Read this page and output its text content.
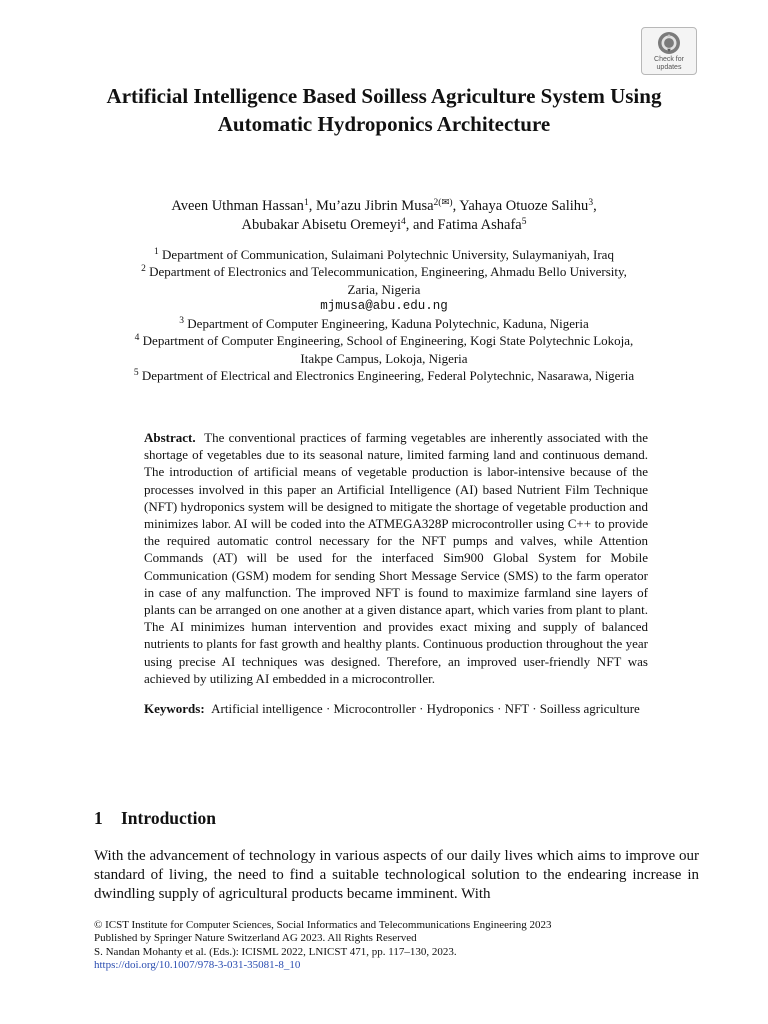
Check for
updates
Artificial Intelligence Based Soilless Agriculture System Using Automatic Hydroponics Architecture
Aveen Uthman Hassan$^1$, Mu’azu Jibrin Musa$^{2(✉)}$, Yahaya Otuoze Salihu$^3$,
Abubakar Abisetu Oremeyi$^4$, and Fatima Ashafa$^5$
$^1$ Department of Communication, Sulaimani Polytechnic University, Sulaymaniyah, Iraq
$^2$ Department of Electronics and Telecommunication, Engineering, Ahmadu Bello University,
Zaria, Nigeria
mjmusa@abu.edu.ng
$^3$ Department of Computer Engineering, Kaduna Polytechnic, Kaduna, Nigeria
$^4$ Department of Computer Engineering, School of Engineering, Kogi State Polytechnic Lokoja,
Itakpe Campus, Lokoja, Nigeria
$^5$ Department of Electrical and Electronics Engineering, Federal Polytechnic, Nasarawa, Nigeria

Abstract. The conventional practices of farming vegetables are inherently associated with the shortage of vegetables due to its seasonal nature, limited farming land and continuous demand. The introduction of artificial means of vegetable production is labor-intensive because of the processes involved in this paper an Artificial Intelligence (AI) based Nutrient Film Technique (NFT) hydroponics system will be designed to mitigate the shortage of vegetable production and minimizes labor. AI will be coded into the ATMEGA328P microcontroller using C++ to provide the required automatic control necessary for the NFT pumps and valves, while Attention Commands (AT) will be used for the interfaced Sim900 Global System for Mobile Communication (GSM) modem for sending Short Message Service (SMS) to the farm operator in case of any malfunction. The improved NFT is found to maximize farmland sine layers of plants can be arranged on one another at a given distance apart, which varies from plant to plant. The AI minimizes human intervention and provides exact mixing and supply of balanced nutrients to plants for fast growth and healthy plants. Continuous production throughout the year using precise AI techniques was designed. Therefore, an improved user-friendly NFT was achieved by utilizing AI embedded in a microcontroller.

Keywords: Artificial intelligence · Microcontroller · Hydroponics · NFT · Soilless agriculture

1 Introduction

With the advancement of technology in various aspects of our daily lives which aims to improve our standard of living, the need to find a suitable technological solution to the endearing increase in dwindling supply of agricultural products became imminent. With

© ICST Institute for Computer Sciences, Social Informatics and Telecommunications Engineering 2023
Published by Springer Nature Switzerland AG 2023. All Rights Reserved
S. Nandan Mohanty et al. (Eds.): ICISML 2022, LNICST 471, pp. 117–130, 2023.
https://doi.org/10.1007/978-3-031-35081-8_10
